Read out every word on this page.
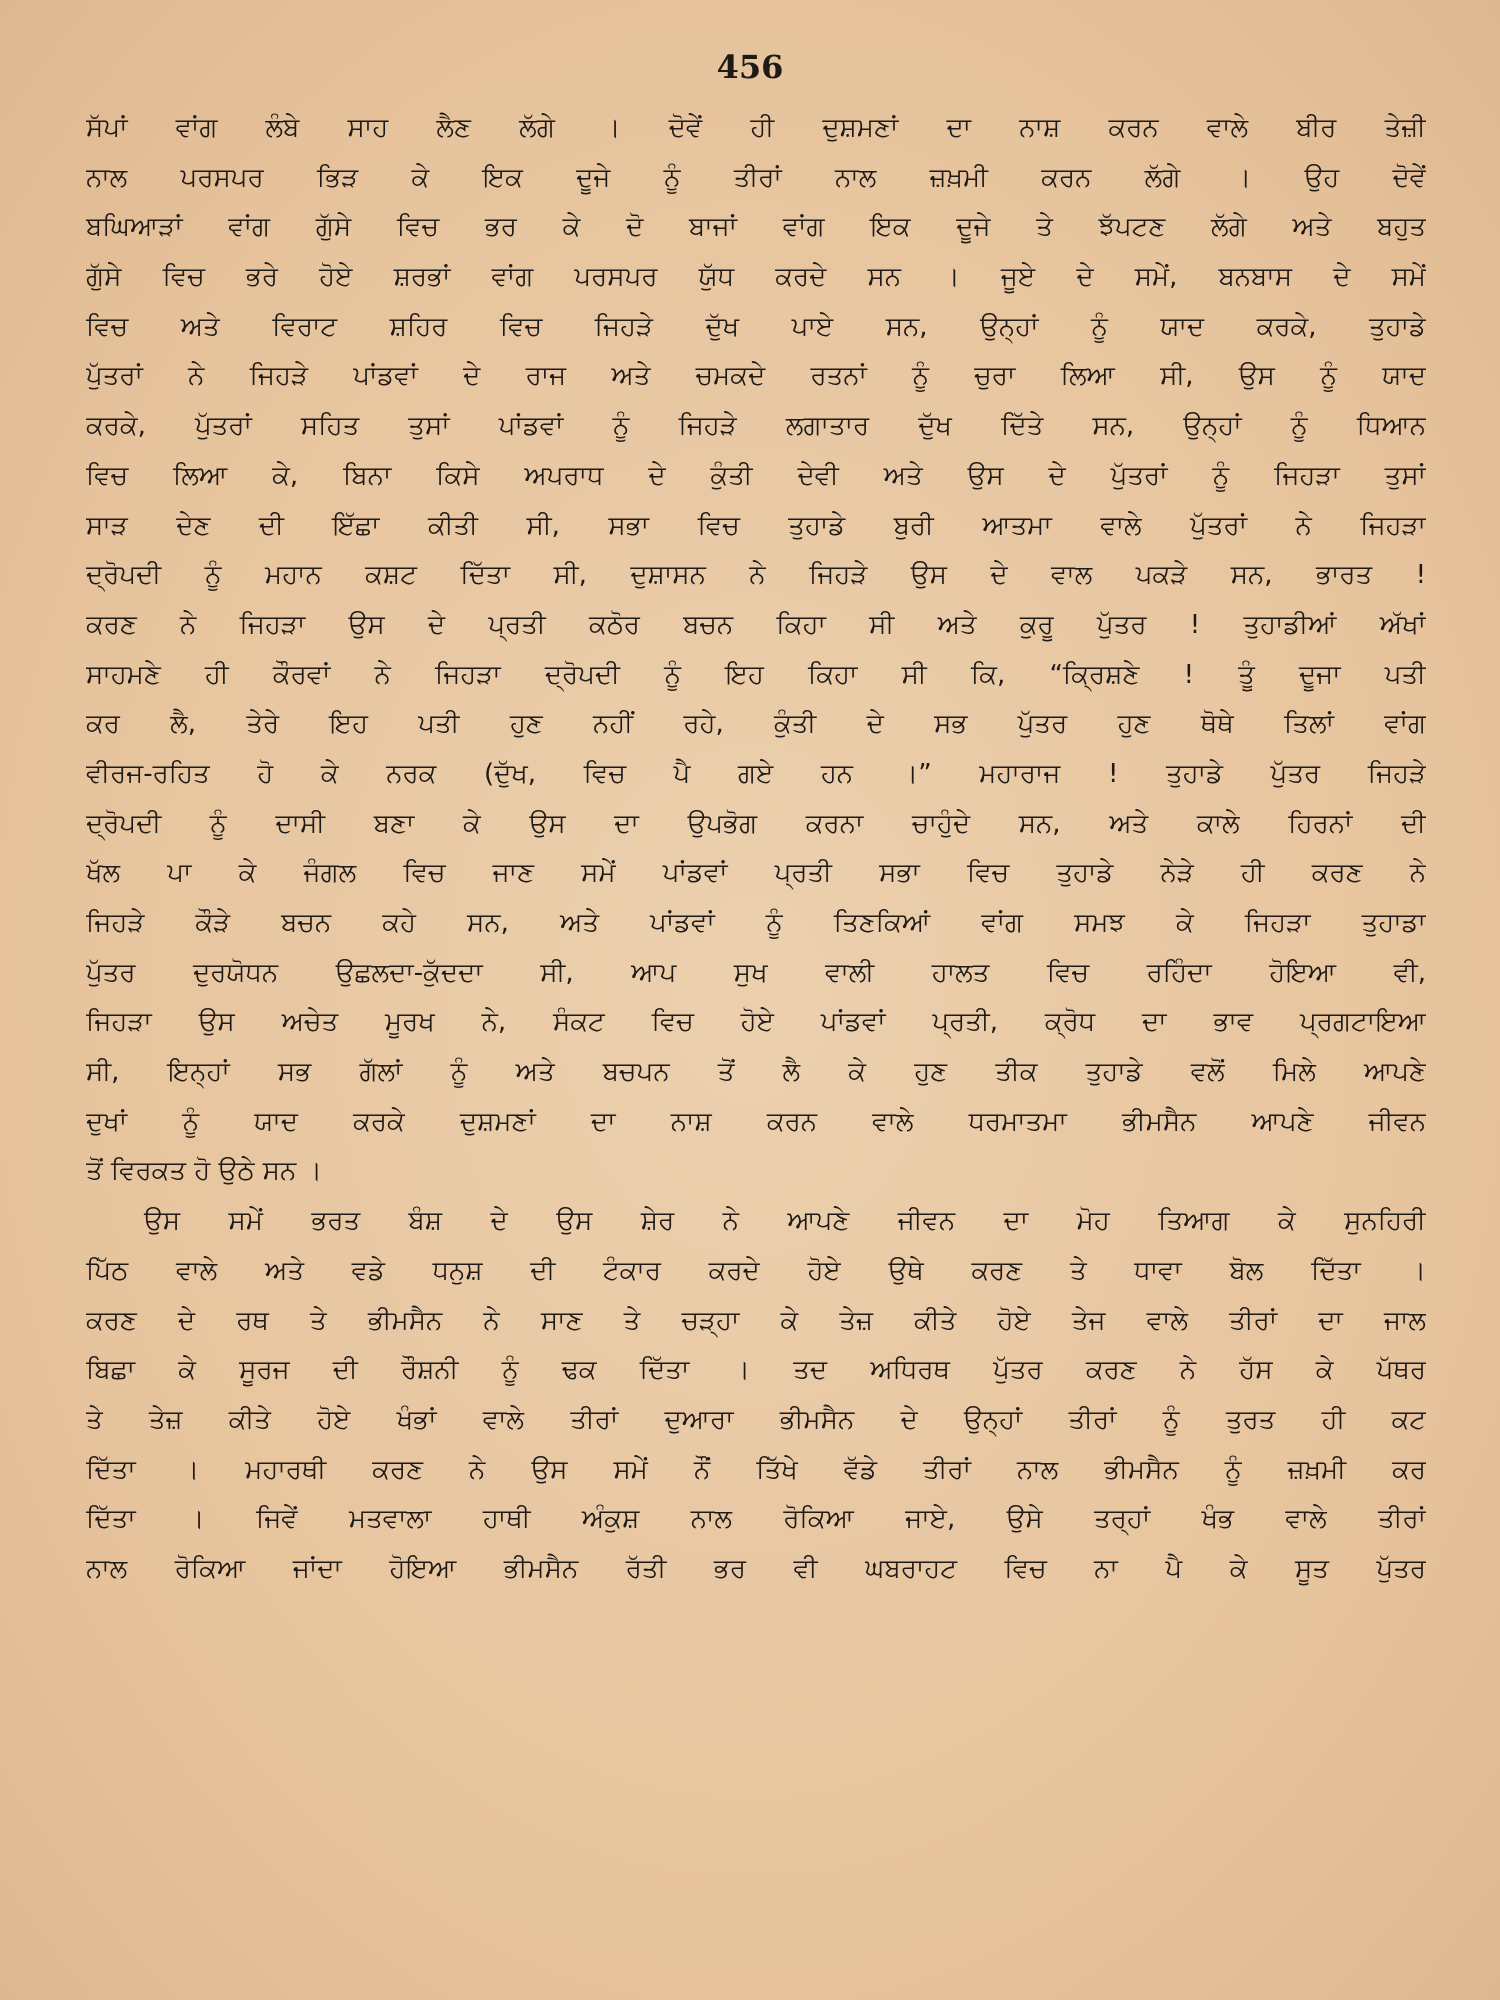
456
ਸੱਪਾਂ ਵਾਂਗ ਲੰਬੇ ਸਾਹ ਲੈਣ ਲੱਗੇ । ਦੋਵੇਂ ਹੀ ਦੁਸ਼ਮਣਾਂ ਦਾ ਨਾਸ਼ ਕਰਨ ਵਾਲੇ ਬੀਰ ਤੇਜ਼ੀ
ਨਾਲ ਪਰਸਪਰ ਭਿੜ ਕੇ ਇਕ ਦੂਜੇ ਨੂੰ ਤੀਰਾਂ ਨਾਲ ਜ਼ਖ਼ਮੀ ਕਰਨ ਲੱਗੇ । ਉਹ ਦੋਵੇਂ
ਬਘਿਆੜਾਂ ਵਾਂਗ ਗੁੱਸੇ ਵਿਚ ਭਰ ਕੇ ਦੋ ਬਾਜਾਂ ਵਾਂਗ ਇਕ ਦੂਜੇ ਤੇ ਝੱਪਟਣ ਲੱਗੇ ਅਤੇ ਬਹੁਤ
ਗੁੱਸੇ ਵਿਚ ਭਰੇ ਹੋਏ ਸ਼ਰਭਾਂ ਵਾਂਗ ਪਰਸਪਰ ਯੁੱਧ ਕਰਦੇ ਸਨ । ਜੂਏ ਦੇ ਸਮੇਂ, ਬਨਬਾਸ ਦੇ ਸਮੇਂ
ਵਿਚ ਅਤੇ ਵਿਰਾਟ ਸ਼ਹਿਰ ਵਿਚ ਜਿਹੜੇ ਦੁੱਖ ਪਾਏ ਸਨ, ਉਨ੍ਹਾਂ ਨੂੰ ਯਾਦ ਕਰਕੇ, ਤੁਹਾਡੇ
ਪੁੱਤਰਾਂ ਨੇ ਜਿਹੜੇ ਪਾਂਡਵਾਂ ਦੇ ਰਾਜ ਅਤੇ ਚਮਕਦੇ ਰਤਨਾਂ ਨੂੰ ਚੁਰਾ ਲਿਆ ਸੀ, ਉਸ ਨੂੰ ਯਾਦ
ਕਰਕੇ, ਪੁੱਤਰਾਂ ਸਹਿਤ ਤੁਸਾਂ ਪਾਂਡਵਾਂ ਨੂੰ ਜਿਹੜੇ ਲਗਾਤਾਰ ਦੁੱਖ ਦਿੱਤੇ ਸਨ, ਉਨ੍ਹਾਂ ਨੂੰ ਧਿਆਨ
ਵਿਚ ਲਿਆ ਕੇ, ਬਿਨਾ ਕਿਸੇ ਅਪਰਾਧ ਦੇ ਕੁੰਤੀ ਦੇਵੀ ਅਤੇ ਉਸ ਦੇ ਪੁੱਤਰਾਂ ਨੂੰ ਜਿਹੜਾ ਤੁਸਾਂ
ਸਾੜ ਦੇਣ ਦੀ ਇੱਛਾ ਕੀਤੀ ਸੀ, ਸਭਾ ਵਿਚ ਤੁਹਾਡੇ ਬੁਰੀ ਆਤਮਾ ਵਾਲੇ ਪੁੱਤਰਾਂ ਨੇ ਜਿਹੜਾ
ਦ੍ਰੋਪਦੀ ਨੂੰ ਮਹਾਨ ਕਸ਼ਟ ਦਿੱਤਾ ਸੀ, ਦੁਸ਼ਾਸਨ ਨੇ ਜਿਹੜੇ ਉਸ ਦੇ ਵਾਲ ਪਕੜੇ ਸਨ, ਭਾਰਤ !
ਕਰਣ ਨੇ ਜਿਹੜਾ ਉਸ ਦੇ ਪ੍ਰਤੀ ਕਠੋਰ ਬਚਨ ਕਿਹਾ ਸੀ ਅਤੇ ਕੁਰੂ ਪੁੱਤਰ ! ਤੁਹਾਡੀਆਂ ਅੱਖਾਂ
ਸਾਹਮਣੇ ਹੀ ਕੌਰਵਾਂ ਨੇ ਜਿਹੜਾ ਦ੍ਰੋਪਦੀ ਨੂੰ ਇਹ ਕਿਹਾ ਸੀ ਕਿ, “ਕ੍ਰਿਸ਼ਣੇ ! ਤੂੰ ਦੂਜਾ ਪਤੀ
ਕਰ ਲੈ, ਤੇਰੇ ਇਹ ਪਤੀ ਹੁਣ ਨਹੀਂ ਰਹੇ, ਕੁੰਤੀ ਦੇ ਸਭ ਪੁੱਤਰ ਹੁਣ ਥੋਥੇ ਤਿਲਾਂ ਵਾਂਗ
ਵੀਰਜ-ਰਹਿਤ ਹੋ ਕੇ ਨਰਕ (ਦੁੱਖ, ਵਿਚ ਪੈ ਗਏ ਹਨ ।” ਮਹਾਰਾਜ ! ਤੁਹਾਡੇ ਪੁੱਤਰ ਜਿਹੜੇ
ਦ੍ਰੋਪਦੀ ਨੂੰ ਦਾਸੀ ਬਣਾ ਕੇ ਉਸ ਦਾ ਉਪਭੋਗ ਕਰਨਾ ਚਾਹੁੰਦੇ ਸਨ, ਅਤੇ ਕਾਲੇ ਹਿਰਨਾਂ ਦੀ
ਖੱਲ ਪਾ ਕੇ ਜੰਗਲ ਵਿਚ ਜਾਣ ਸਮੇਂ ਪਾਂਡਵਾਂ ਪ੍ਰਤੀ ਸਭਾ ਵਿਚ ਤੁਹਾਡੇ ਨੇੜੇ ਹੀ ਕਰਣ ਨੇ
ਜਿਹੜੇ ਕੌੜੇ ਬਚਨ ਕਹੇ ਸਨ, ਅਤੇ ਪਾਂਡਵਾਂ ਨੂੰ ਤਿਣਕਿਆਂ ਵਾਂਗ ਸਮਝ ਕੇ ਜਿਹੜਾ ਤੁਹਾਡਾ
ਪੁੱਤਰ ਦੁਰਯੋਧਨ ਉਛਲਦਾ-ਕੁੱਦਦਾ ਸੀ, ਆਪ ਸੁਖ ਵਾਲੀ ਹਾਲਤ ਵਿਚ ਰਹਿੰਦਾ ਹੋਇਆ ਵੀ,
ਜਿਹੜਾ ਉਸ ਅਚੇਤ ਮੂਰਖ ਨੇ, ਸੰਕਟ ਵਿਚ ਹੋਏ ਪਾਂਡਵਾਂ ਪ੍ਰਤੀ, ਕ੍ਰੋਧ ਦਾ ਭਾਵ ਪ੍ਰਗਟਾਇਆ
ਸੀ, ਇਨ੍ਹਾਂ ਸਭ ਗੱਲਾਂ ਨੂੰ ਅਤੇ ਬਚਪਨ ਤੋਂ ਲੈ ਕੇ ਹੁਣ ਤੀਕ ਤੁਹਾਡੇ ਵਲੋਂ ਮਿਲੇ ਆਪਣੇ
ਦੁਖਾਂ ਨੂੰ ਯਾਦ ਕਰਕੇ ਦੁਸ਼ਮਣਾਂ ਦਾ ਨਾਸ਼ ਕਰਨ ਵਾਲੇ ਧਰਮਾਤਮਾ ਭੀਮਸੈਨ ਆਪਣੇ ਜੀਵਨ
ਤੋਂ ਵਿਰਕਤ ਹੋ ਉਠੇ ਸਨ ।
ਉਸ ਸਮੇਂ ਭਰਤ ਬੰਸ਼ ਦੇ ਉਸ ਸ਼ੇਰ ਨੇ ਆਪਣੇ ਜੀਵਨ ਦਾ ਮੋਹ ਤਿਆਗ ਕੇ ਸੁਨਹਿਰੀ
ਪਿੱਠ ਵਾਲੇ ਅਤੇ ਵਡੇ ਧਨੁਸ਼ ਦੀ ਟੰਕਾਰ ਕਰਦੇ ਹੋਏ ਉਥੇ ਕਰਣ ਤੇ ਧਾਵਾ ਬੋਲ ਦਿੱਤਾ ।
ਕਰਣ ਦੇ ਰਥ ਤੇ ਭੀਮਸੈਨ ਨੇ ਸਾਣ ਤੇ ਚੜ੍ਹਾ ਕੇ ਤੇਜ਼ ਕੀਤੇ ਹੋਏ ਤੇਜ ਵਾਲੇ ਤੀਰਾਂ ਦਾ ਜਾਲ
ਬਿਛਾ ਕੇ ਸੂਰਜ ਦੀ ਰੌਸ਼ਨੀ ਨੂੰ ਢਕ ਦਿੱਤਾ । ਤਦ ਅਧਿਰਥ ਪੁੱਤਰ ਕਰਣ ਨੇ ਹੱਸ ਕੇ ਪੱਥਰ
ਤੇ ਤੇਜ਼ ਕੀਤੇ ਹੋਏ ਖੰਭਾਂ ਵਾਲੇ ਤੀਰਾਂ ਦੁਆਰਾ ਭੀਮਸੈਨ ਦੇ ਉਨ੍ਹਾਂ ਤੀਰਾਂ ਨੂੰ ਤੁਰਤ ਹੀ ਕਟ
ਦਿੱਤਾ । ਮਹਾਰਥੀ ਕਰਣ ਨੇ ਉਸ ਸਮੇਂ ਨੌਂ ਤਿੱਖੇ ਵੱਡੇ ਤੀਰਾਂ ਨਾਲ ਭੀਮਸੈਨ ਨੂੰ ਜ਼ਖ਼ਮੀ ਕਰ
ਦਿੱਤਾ । ਜਿਵੇਂ ਮਤਵਾਲਾ ਹਾਥੀ ਅੰਕੁਸ਼ ਨਾਲ ਰੋਕਿਆ ਜਾਏ, ਉਸੇ ਤਰ੍ਹਾਂ ਖੰਭ ਵਾਲੇ ਤੀਰਾਂ
ਨਾਲ ਰੋਕਿਆ ਜਾਂਦਾ ਹੋਇਆ ਭੀਮਸੈਨ ਰੱਤੀ ਭਰ ਵੀ ਘਬਰਾਹਟ ਵਿਚ ਨਾ ਪੈ ਕੇ ਸੂਤ ਪੁੱਤਰ
